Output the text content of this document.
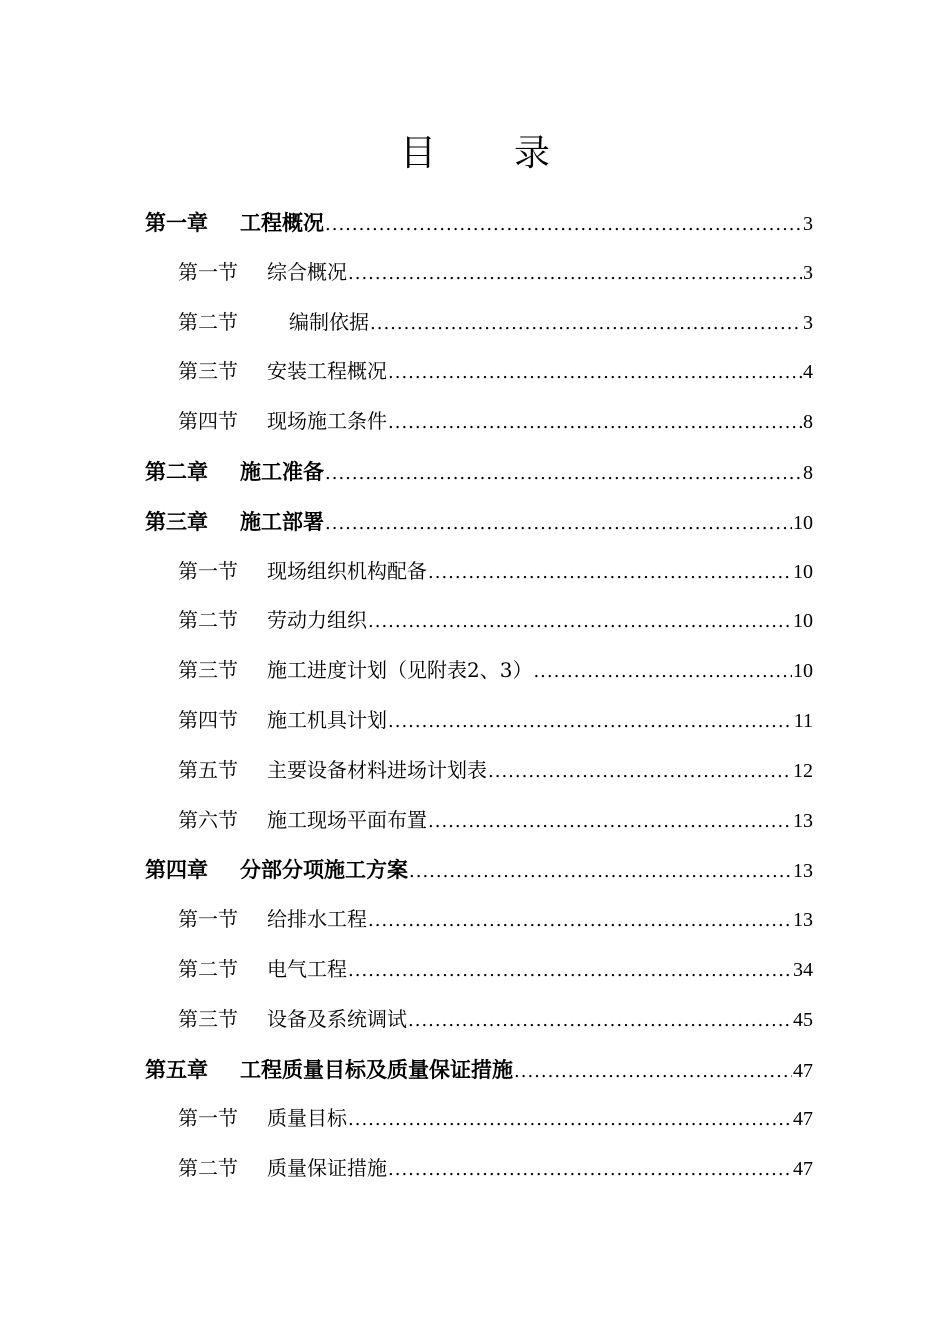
目 录
第一章	工程概况 .....	3
第一节	综合概况 .....	3
第二节	编制依据 .....	3
第三节	安装工程概况 .....	4
第四节	现场施工条件 .....	8
第二章	施工准备 .....	8
第三章	施工部署 .....	10
第一节	现场组织机构配备 .....	10
第二节	劳动力组织 .....	10
第三节	施工进度计划（见附表2、3） .....	10
第四节	施工机具计划 .....	11
第五节	主要设备材料进场计划表 .....	12
第六节	施工现场平面布置 .....	13
第四章	分部分项施工方案 .....	13
第一节	给排水工程 .....	13
第二节	电气工程 .....	34
第三节	设备及系统调试 .....	45
第五章	工程质量目标及质量保证措施 .....	47
第一节	质量目标 .....	47
第二节	质量保证措施 .....	47
